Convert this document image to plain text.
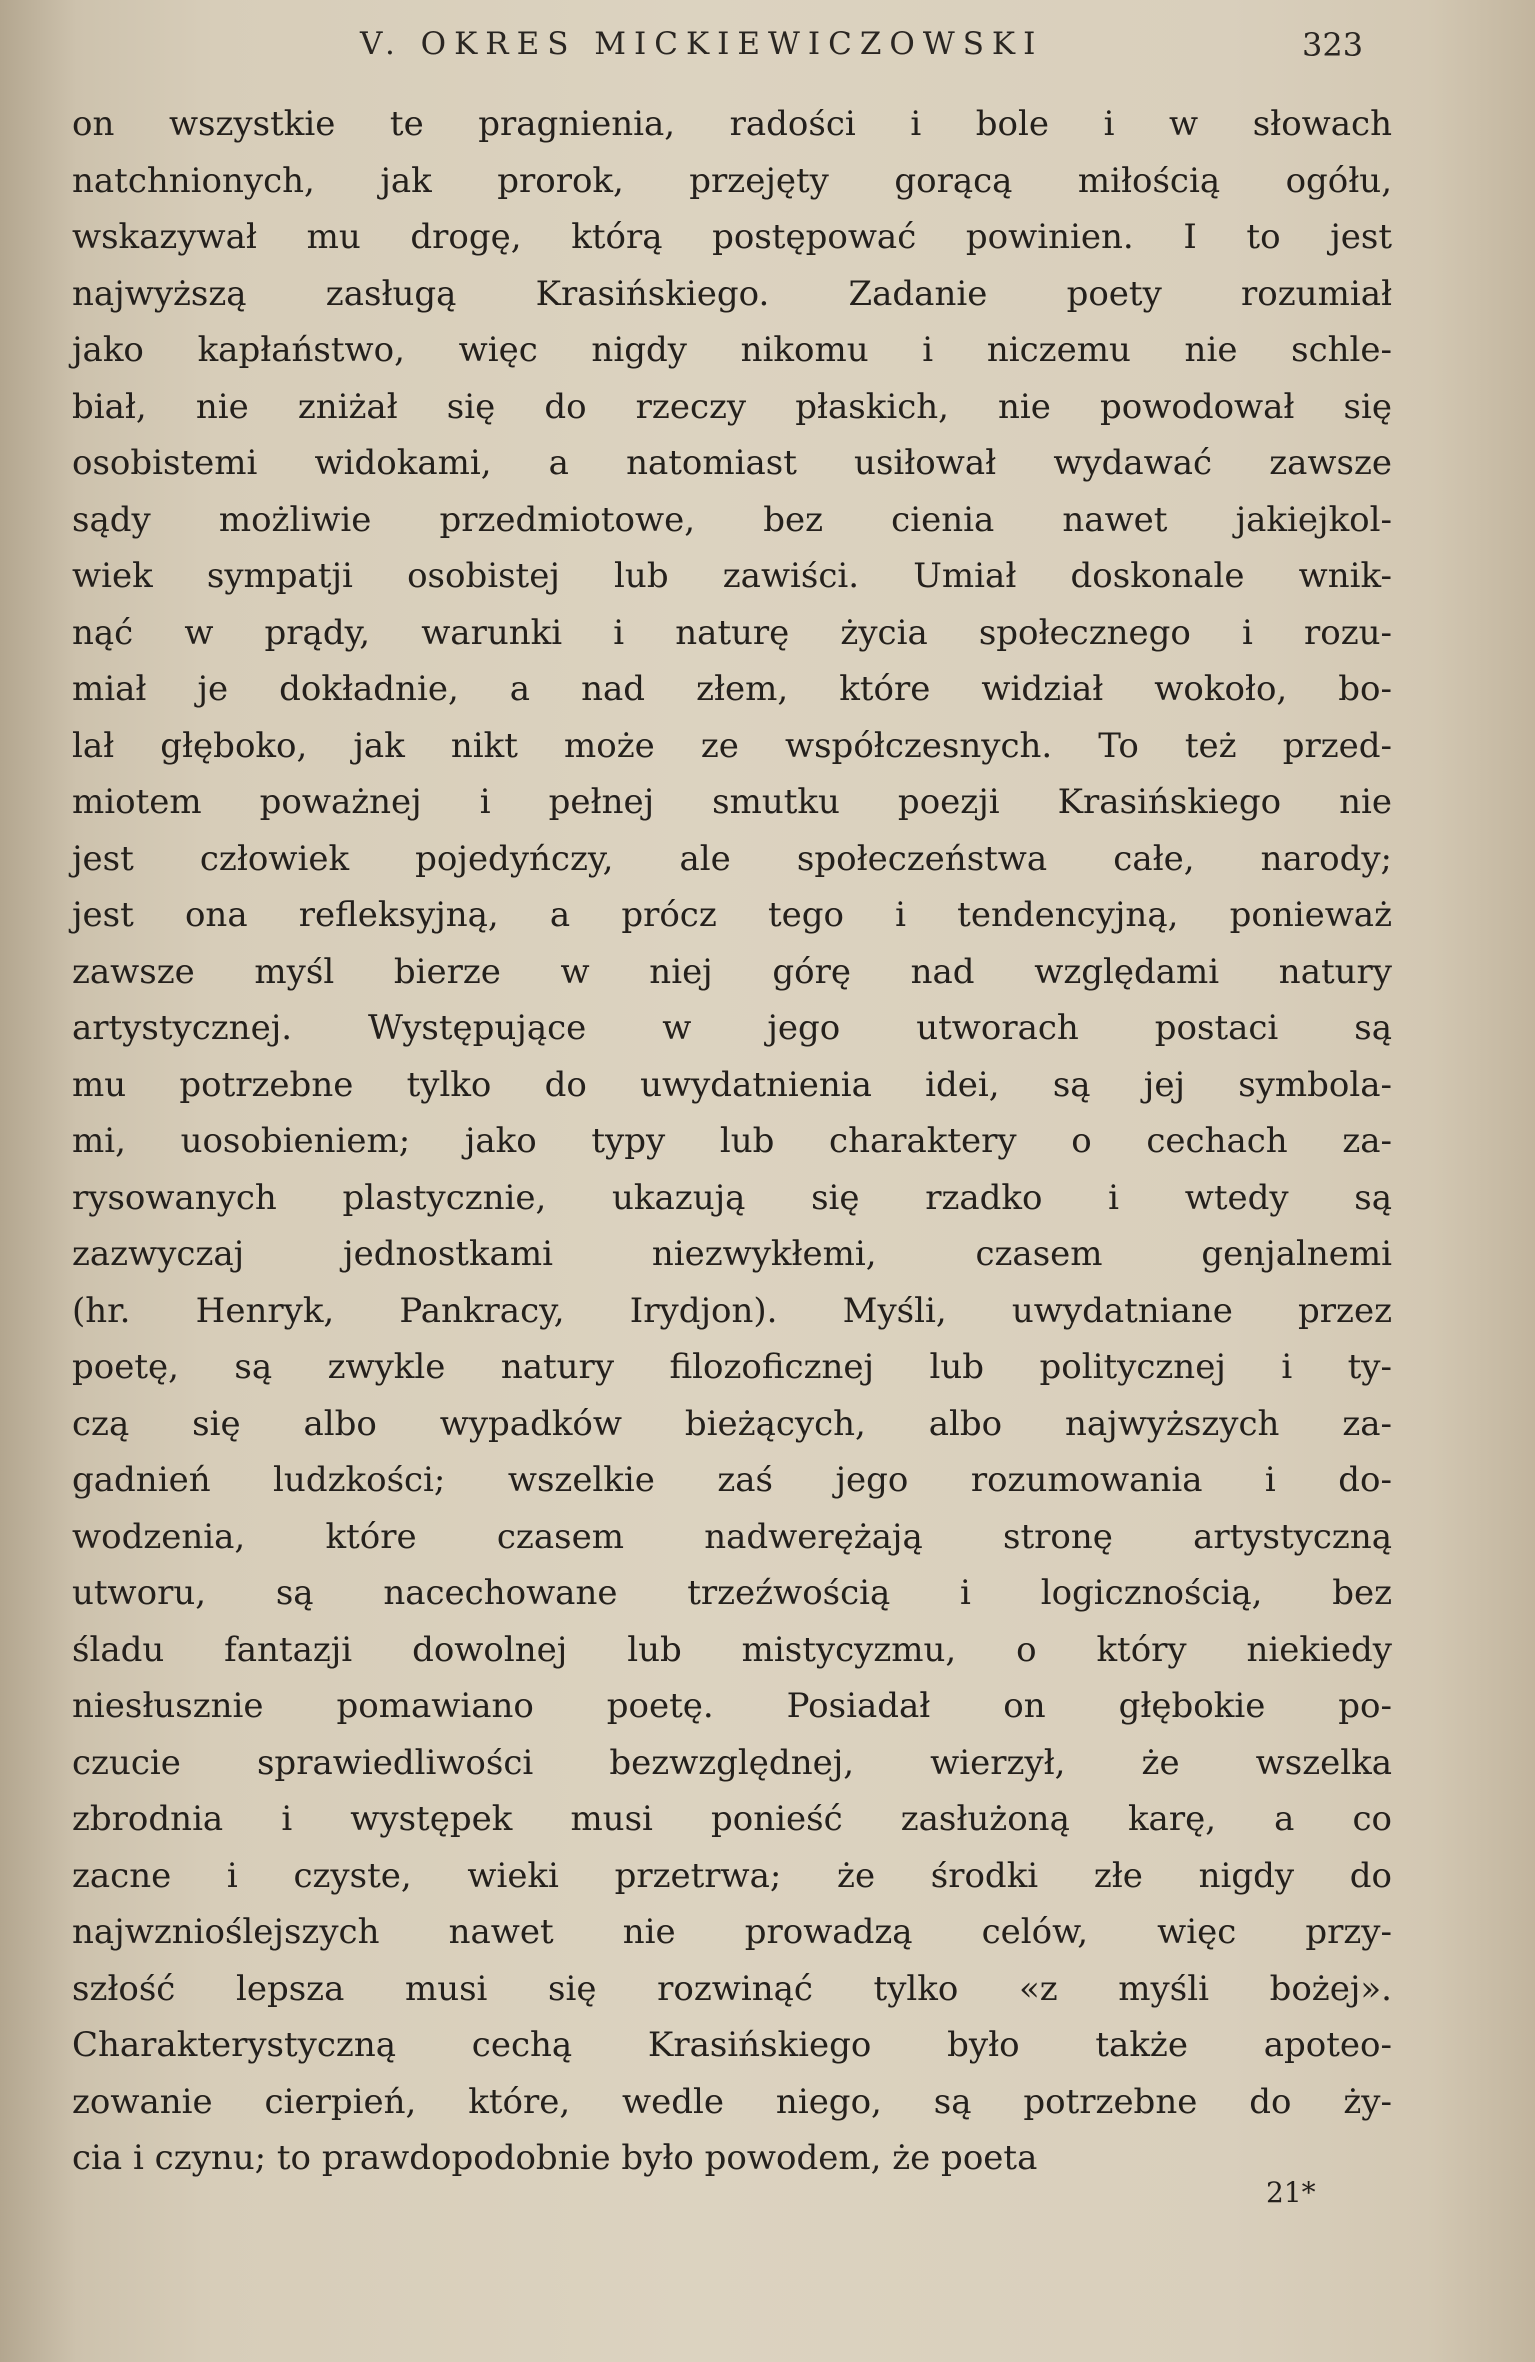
V. OKRES MICKIEWICZOWSKI	323
on wszystkie te pragnienia, radości i bole i w słowach
natchnionych, jak prorok, przejęty gorącą miłością ogółu,
wskazywał mu drogę, którą postępować powinien. I to jest
najwyższą zasługą Krasińskiego. Zadanie poety rozumiał
jako kapłaństwo, więc nigdy nikomu i niczemu nie schle-
biał, nie zniżał się do rzeczy płaskich, nie powodował się
osobistemi widokami, a natomiast usiłował wydawać zawsze
sądy możliwie przedmiotowe, bez cienia nawet jakiejkol-
wiek sympatji osobistej lub zawiści. Umiał doskonale wnik-
nąć w prądy, warunki i naturę życia społecznego i rozu-
miał je dokładnie, a nad złem, które widział wokoło, bo-
lał głęboko, jak nikt może ze współczesnych. To też przed-
miotem poważnej i pełnej smutku poezji Krasińskiego nie
jest człowiek pojedyńczy, ale społeczeństwa całe, narody;
jest ona refleksyjną, a prócz tego i tendencyjną, ponieważ
zawsze myśl bierze w niej górę nad względami natury
artystycznej. Występujące w jego utworach postaci są
mu potrzebne tylko do uwydatnienia idei, są jej symbola-
mi, uosobieniem; jako typy lub charaktery o cechach za-
rysowanych plastycznie, ukazują się rzadko i wtedy są
zazwyczaj jednostkami niezwykłemi, czasem genjalnemi
(hr. Henryk, Pankracy, Irydjon). Myśli, uwydatniane przez
poetę, są zwykle natury filozoficznej lub politycznej i ty-
czą się albo wypadków bieżących, albo najwyższych za-
gadnień ludzkości; wszelkie zaś jego rozumowania i do-
wodzenia, które czasem nadwerężają stronę artystyczną
utworu, są nacechowane trzeźwością i logicznością, bez
śladu fantazji dowolnej lub mistycyzmu, o który niekiedy
niesłusznie pomawiano poetę. Posiadał on głębokie po-
czucie sprawiedliwości bezwzględnej, wierzył, że wszelka
zbrodnia i występek musi ponieść zasłużoną karę, a co
zacne i czyste, wieki przetrwa; że środki złe nigdy do
najwznioślejszych nawet nie prowadzą celów, więc przy-
szłość lepsza musi się rozwinąć tylko «z myśli bożej».
Charakterystyczną cechą Krasińskiego było także apoteo-
zowanie cierpień, które, wedle niego, są potrzebne do ży-
cia i czynu; to prawdopodobnie było powodem, że poeta
21*
